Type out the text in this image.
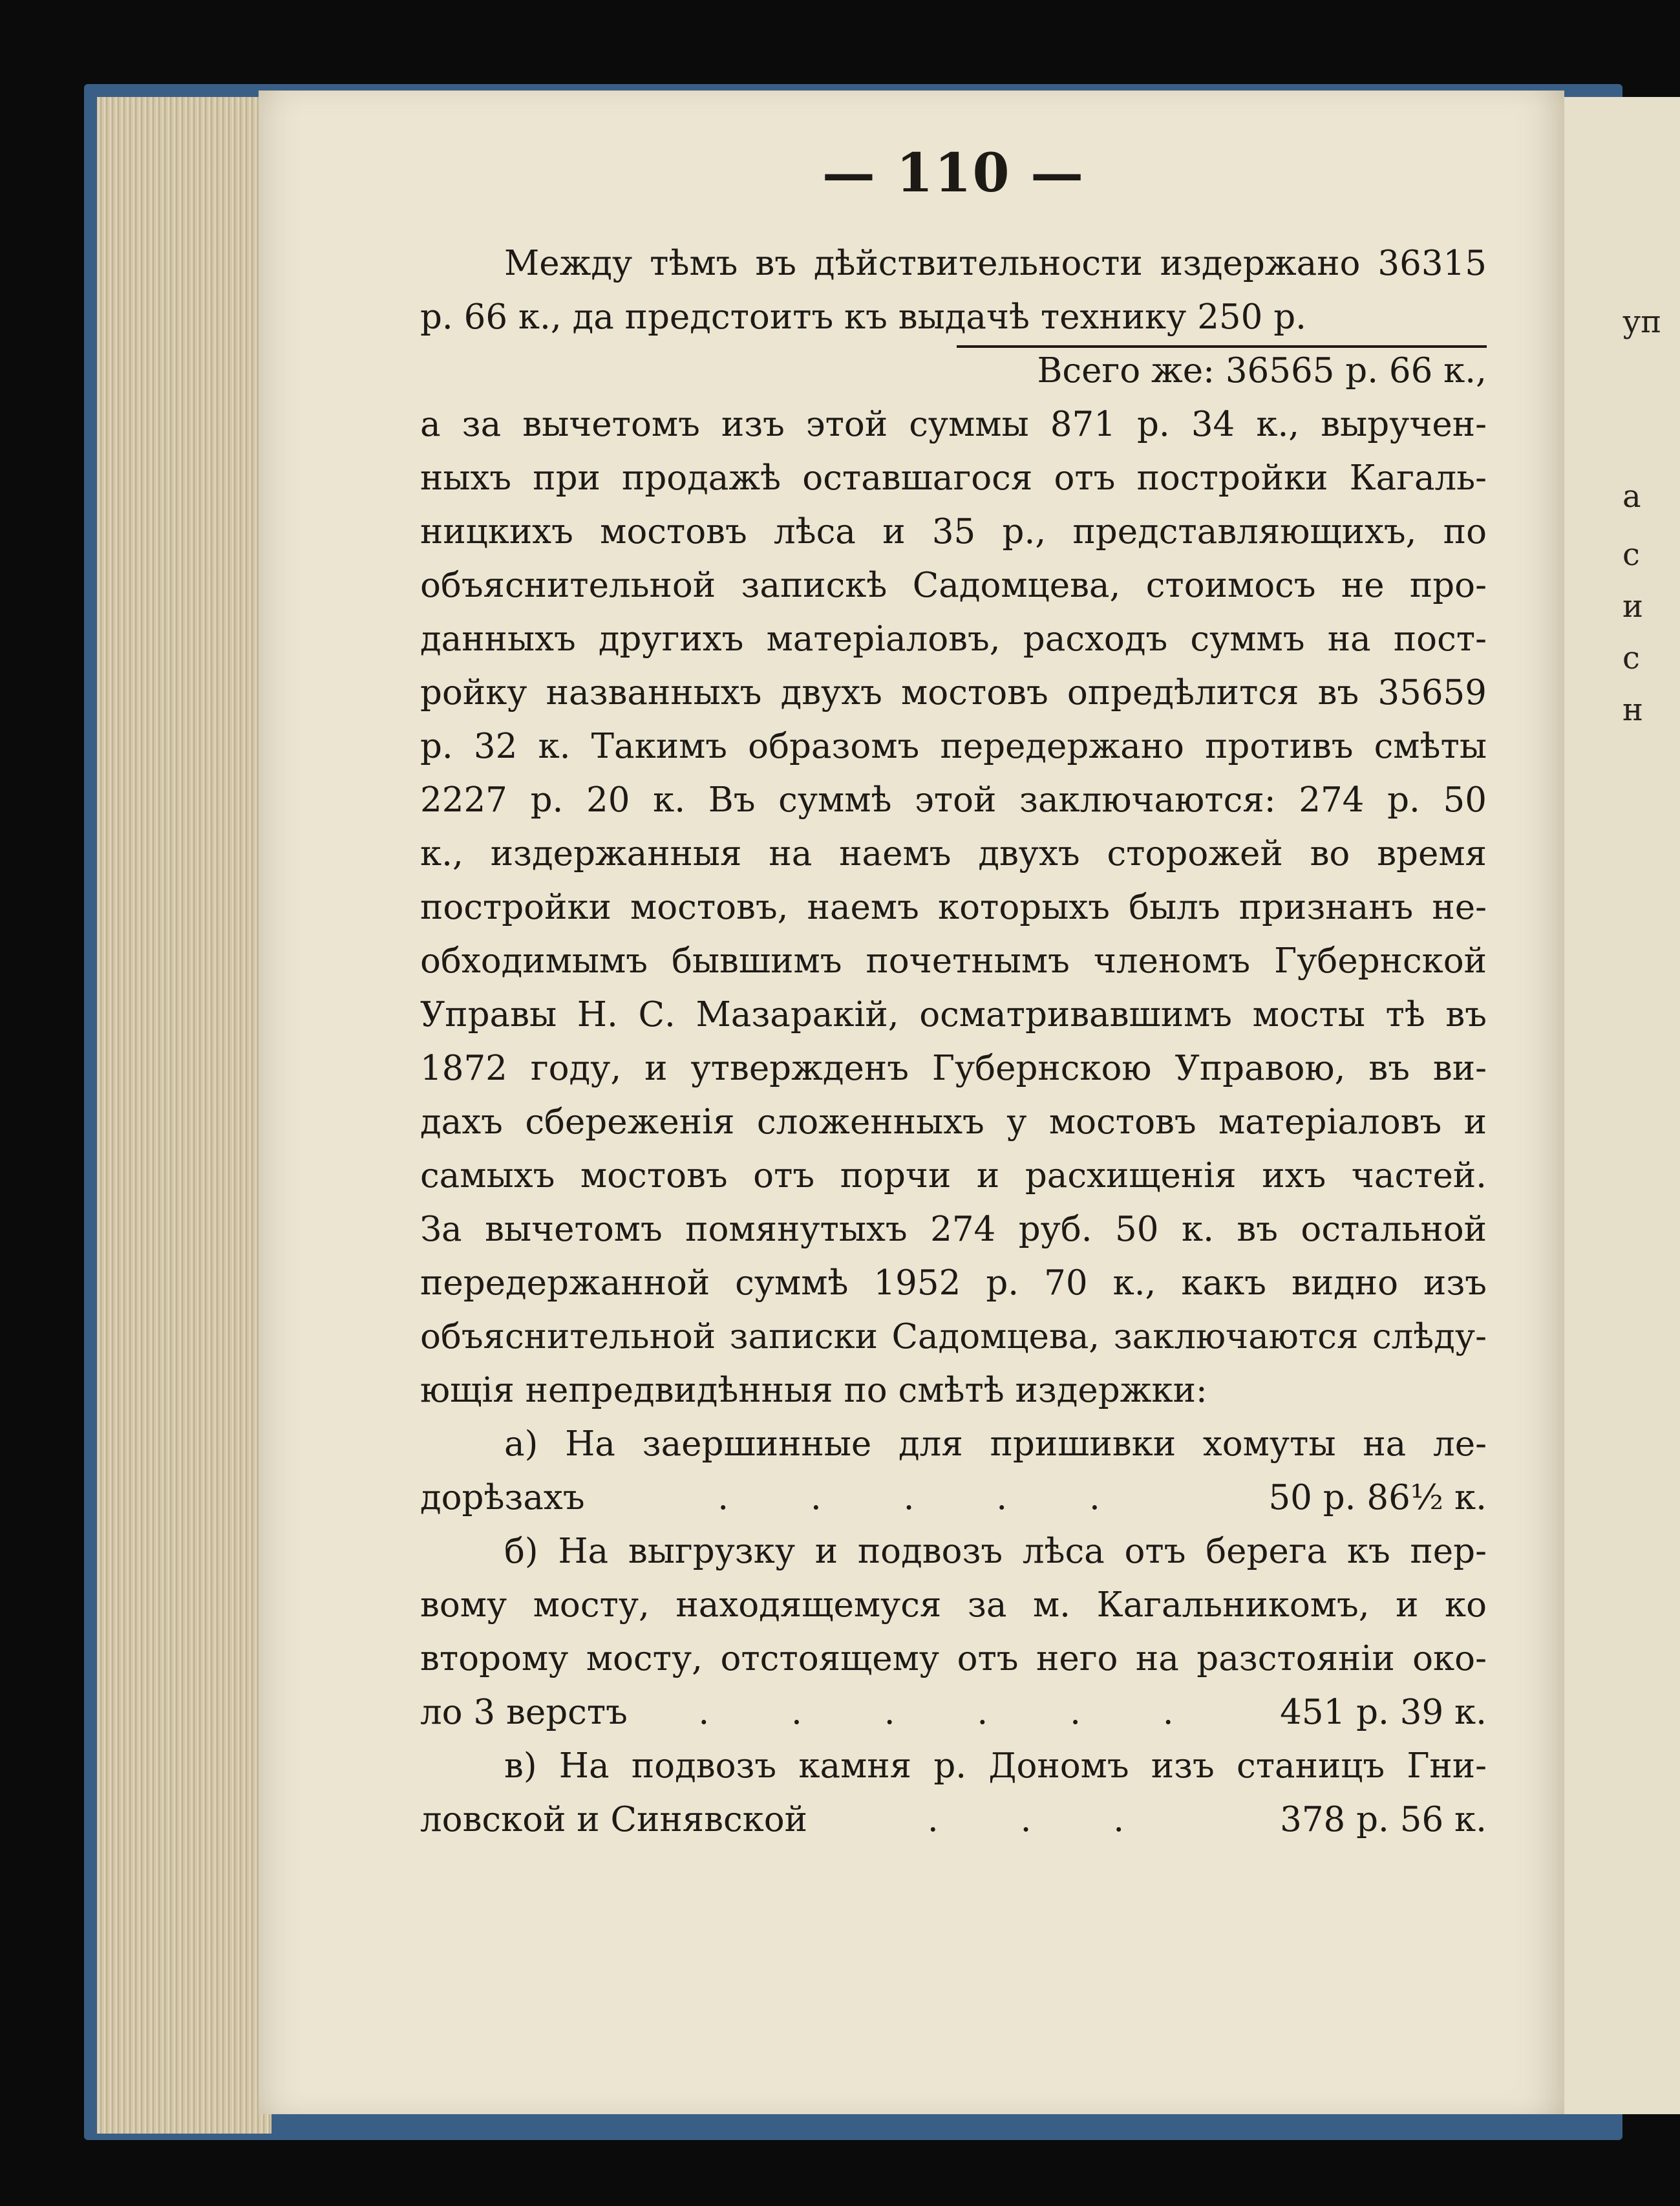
уп
а
с
и
с
н
— 110 —

Между тѣмъ въ дѣйствительности издержано 36315

р. 66 к., да предстоитъ къ выдачѣ технику 250 р.
Всего же: 36565 р. 66 к.,
а за вычетомъ изъ этой суммы 871 р. 34 к., выручен-
ныхъ при продажѣ оставшагося отъ постройки Кагаль-
ницкихъ мостовъ лѣса и 35 р., представляющихъ, по
объяснительной запискѣ Садомцева, стоимосъ не про-
данныхъ другихъ матеріаловъ, расходъ суммъ на пост-
ройку названныхъ двухъ мостовъ опредѣлится въ 35659
р. 32 к. Такимъ образомъ передержано противъ смѣты
2227 р. 20 к. Въ суммѣ этой заключаются: 274 р. 50
к., издержанныя на наемъ двухъ сторожей во время
постройки мостовъ, наемъ которыхъ былъ признанъ не-
обходимымъ бывшимъ почетнымъ членомъ Губернской
Управы Н. С. Мазаракій, осматривавшимъ мосты тѣ въ
1872 году, и утвержденъ Губернскою Управою, въ ви-
дахъ сбереженія сложенныхъ у мостовъ матеріаловъ и
самыхъ мостовъ отъ порчи и расхищенія ихъ частей.
За вычетомъ помянутыхъ 274 руб. 50 к. въ остальной
передержанной суммѣ 1952 р. 70 к., какъ видно изъ
объяснительной записки Садомцева, заключаются слѣду-
ющія непредвидѣнныя по смѣтѣ издержки:
а) На заершинные для пришивки хомуты на ле-
дорѣзахъ	. . . . .	50 р. 86½ к.
б) На выгрузку и подвозъ лѣса отъ берега къ пер-
вому мосту, находящемуся за м. Кагальникомъ, и ко
второму мосту, отстоящему отъ него на разстояніи око-
ло 3 верстъ . . . . . . 451 р. 39 к.
в) На подвозъ камня р. Дономъ изъ станицъ Гни-
ловской и Синявской	. . .	378 р. 56 к.
